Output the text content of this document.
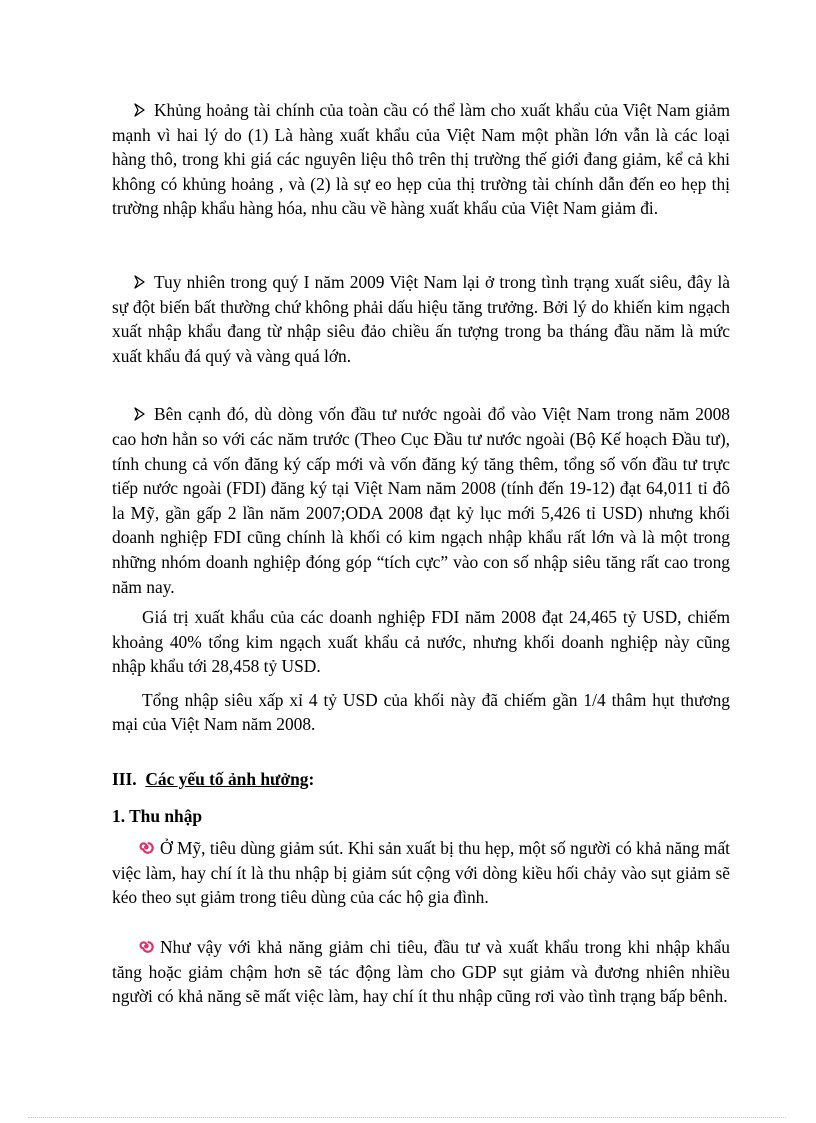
Khủng hoảng tài chính của toàn cầu có thể làm cho xuất khẩu của Việt Nam giảm mạnh vì hai lý do (1) Là hàng xuất khẩu của Việt Nam một phần lớn vẫn là các loại hàng thô, trong khi giá các nguyên liệu thô trên thị trường thế giới đang giảm, kể cả khi không có khủng hoảng , và (2) là sự eo hẹp của thị trường tài chính dẫn đến eo hẹp thị trường nhập khẩu hàng hóa, nhu cầu về hàng xuất khẩu của Việt Nam giảm đi.

Tuy nhiên trong quý I năm 2009 Việt Nam lại ở trong tình trạng xuất siêu, đây là sự đột biến bất thường chứ không phải dấu hiệu tăng trưởng. Bởi lý do khiến kim ngạch xuất nhập khẩu đang từ nhập siêu đảo chiều ấn tượng trong ba tháng đầu năm là mức xuất khẩu đá quý và vàng quá lớn.

Bên cạnh đó, dù dòng vốn đầu tư nước ngoài đổ vào Việt Nam trong năm 2008 cao hơn hẳn so với các năm trước (Theo Cục Đầu tư nước ngoài (Bộ Kế hoạch Đầu tư), tính chung cả vốn đăng ký cấp mới và vốn đăng ký tăng thêm, tổng số vốn đầu tư trực tiếp nước ngoài (FDI) đăng ký tại Việt Nam năm 2008 (tính đến 19-12) đạt 64,011 tỉ đô la Mỹ, gần gấp 2 lần năm 2007;ODA 2008 đạt kỷ lục mới 5,426 tỉ USD) nhưng khối doanh nghiệp FDI cũng chính là khối có kim ngạch nhập khẩu rất lớn và là một trong những nhóm doanh nghiệp đóng góp “tích cực” vào con số nhập siêu tăng rất cao trong năm nay.

Giá trị xuất khẩu của các doanh nghiệp FDI năm 2008 đạt 24,465 tỷ USD, chiếm khoảng 40% tổng kim ngạch xuất khẩu cả nước, nhưng khối doanh nghiệp này cũng nhập khẩu tới 28,458 tỷ USD.

Tổng nhập siêu xấp xỉ 4 tỷ USD của khối này đã chiếm gần 1/4 thâm hụt thương mại của Việt Nam năm 2008.

III. Các yếu tố ảnh hưởng:

1. Thu nhập

Ở Mỹ, tiêu dùng giảm sút. Khi sản xuất bị thu hẹp, một số người có khả năng mất việc làm, hay chí ít là thu nhập bị giảm sút cộng với dòng kiều hối chảy vào sụt giảm sẽ kéo theo sụt giảm trong tiêu dùng của các hộ gia đình.

Như vậy với khả năng giảm chi tiêu, đầu tư và xuất khẩu trong khi nhập khẩu tăng hoặc giảm chậm hơn sẽ tác động làm cho GDP sụt giảm và đương nhiên nhiều người có khả năng sẽ mất việc làm, hay chí ít thu nhập cũng rơi vào tình trạng bấp bênh.
